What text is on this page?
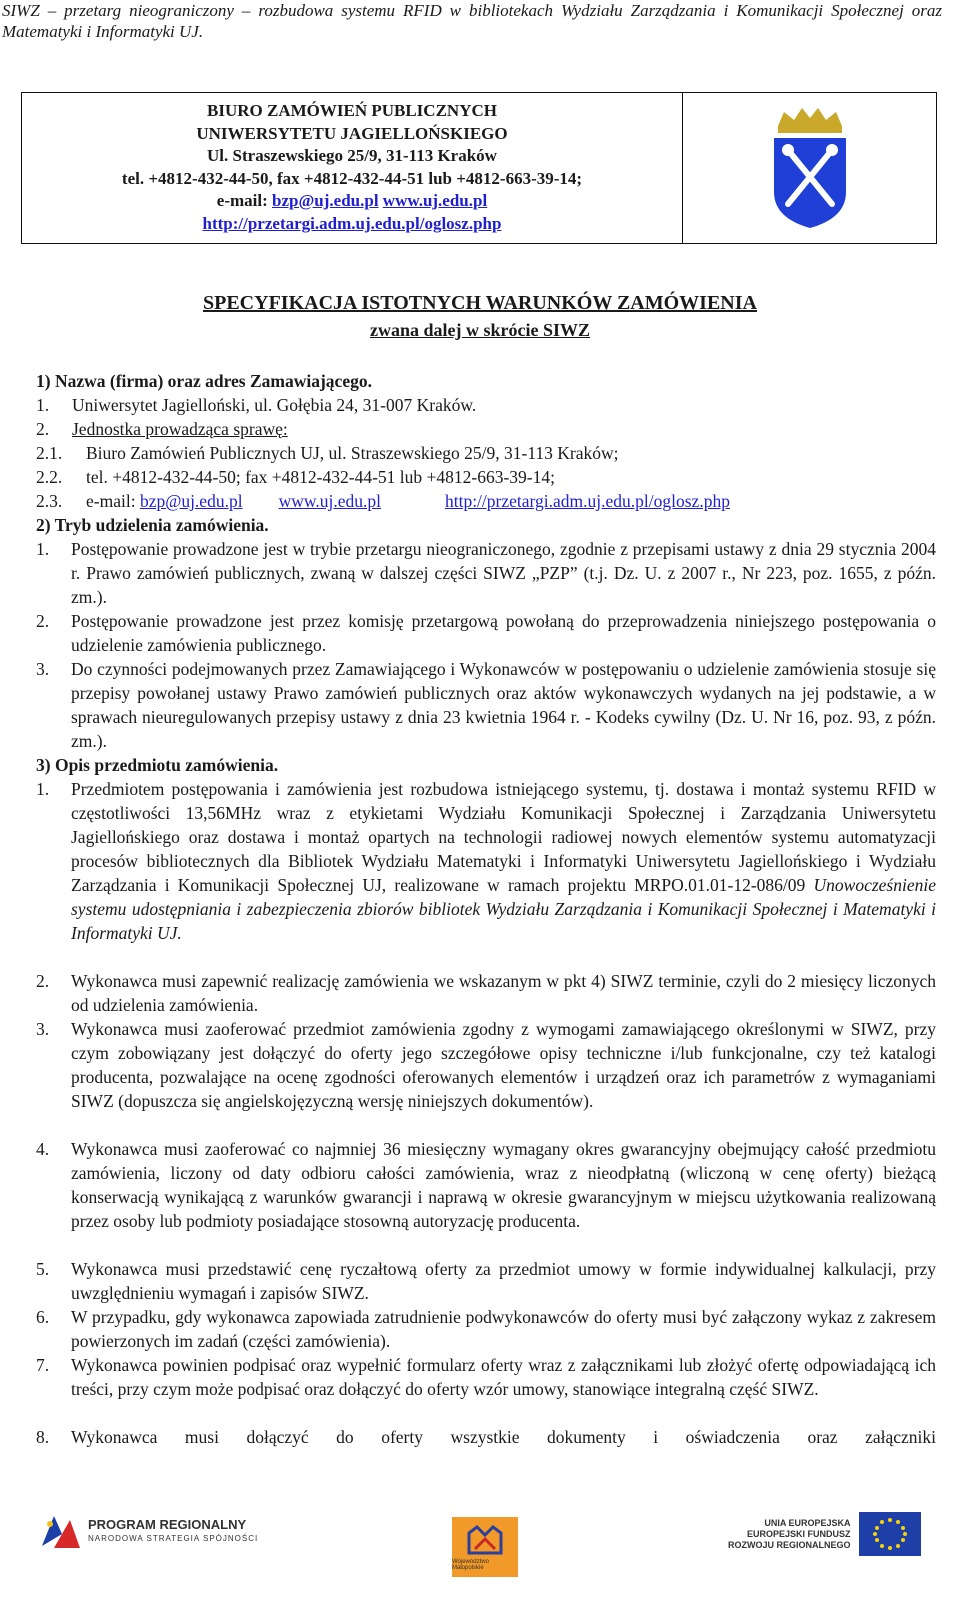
SIWZ – przetarg nieograniczony – rozbudowa systemu RFID w bibliotekach Wydziału Zarządzania i Komunikacji Społecznej oraz Matematyki i Informatyki UJ.
BIURO ZAMÓWIEŃ PUBLICZNYCH
UNIWERSYTETU JAGIELLOŃSKIEGO
Ul. Straszewskiego 25/9, 31-113 Kraków
tel. +4812-432-44-50, fax +4812-432-44-51 lub +4812-663-39-14;
e-mail: bzp@uj.edu.pl www.uj.edu.pl
http://przetargi.adm.uj.edu.pl/oglosz.php
SPECYFIKACJA ISTOTNYCH WARUNKÓW ZAMÓWIENIA
zwana dalej w skrócie SIWZ
1) Nazwa (firma) oraz adres Zamawiającego.
1. Uniwersytet Jagielloński, ul. Gołębia 24, 31-007 Kraków.
2. Jednostka prowadząca sprawę:
2.1. Biuro Zamówień Publicznych UJ, ul. Straszewskiego 25/9, 31-113 Kraków;
2.2. tel. +4812-432-44-50; fax +4812-432-44-51 lub +4812-663-39-14;
2.3. e-mail: bzp@uj.edu.pl www.uj.edu.pl	http://przetargi.adm.uj.edu.pl/oglosz.php
2) Tryb udzielenia zamówienia.
1. Postępowanie prowadzone jest w trybie przetargu nieograniczonego, zgodnie z przepisami ustawy z dnia 29 stycznia 2004 r. Prawo zamówień publicznych, zwaną w dalszej części SIWZ „PZP” (t.j. Dz. U. z 2007 r., Nr 223, poz. 1655, z późn. zm.).
2. Postępowanie prowadzone jest przez komisję przetargową powołaną do przeprowadzenia niniejszego postępowania o udzielenie zamówienia publicznego.
3. Do czynności podejmowanych przez Zamawiającego i Wykonawców w postępowaniu o udzielenie zamówienia stosuje się przepisy powołanej ustawy Prawo zamówień publicznych oraz aktów wykonawczych wydanych na jej podstawie, a w sprawach nieuregulowanych przepisy ustawy z dnia 23 kwietnia 1964 r. - Kodeks cywilny (Dz. U. Nr 16, poz. 93, z późn. zm.).
3) Opis przedmiotu zamówienia.
1. Przedmiotem postępowania i zamówienia jest rozbudowa istniejącego systemu, tj. dostawa i montaż systemu RFID w częstotliwości 13,56MHz wraz z etykietami Wydziału Komunikacji Społecznej i Zarządzania Uniwersytetu Jagiellońskiego oraz dostawa i montaż opartych na technologii radiowej nowych elementów systemu automatyzacji procesów bibliotecznych dla Bibliotek Wydziału Matematyki i Informatyki Uniwersytetu Jagiellońskiego i Wydziału Zarządzania i Komunikacji Społecznej UJ, realizowane w ramach projektu MRPO.01.01-12-086/09 Unowocześnienie systemu udostępniania i zabezpieczenia zbiorów bibliotek Wydziału Zarządzania i Komunikacji Społecznej i Matematyki i Informatyki UJ.
2. Wykonawca musi zapewnić realizację zamówienia we wskazanym w pkt 4) SIWZ terminie, czyli do 2 miesięcy liczonych od udzielenia zamówienia.
3. Wykonawca musi zaoferować przedmiot zamówienia zgodny z wymogami zamawiającego określonymi w SIWZ, przy czym zobowiązany jest dołączyć do oferty jego szczegółowe opisy techniczne i/lub funkcjonalne, czy też katalogi producenta, pozwalające na ocenę zgodności oferowanych elementów i urządzeń oraz ich parametrów z wymaganiami SIWZ (dopuszcza się angielskojęzyczną wersję niniejszych dokumentów).
4. Wykonawca musi zaoferować co najmniej 36 miesięczny wymagany okres gwarancyjny obejmujący całość przedmiotu zamówienia, liczony od daty odbioru całości zamówienia, wraz z nieodpłatną (wliczoną w cenę oferty) bieżącą konserwacją wynikającą z warunków gwarancji i naprawą w okresie gwarancyjnym w miejscu użytkowania realizowaną przez osoby lub podmioty posiadające stosowną autoryzację producenta.
5. Wykonawca musi przedstawić cenę ryczałtową oferty za przedmiot umowy w formie indywidualnej kalkulacji, przy uwzględnieniu wymagań i zapisów SIWZ.
6. W przypadku, gdy wykonawca zapowiada zatrudnienie podwykonawców do oferty musi być załączony wykaz z zakresem powierzonych im zadań (części zamówienia).
7. Wykonawca powinien podpisać oraz wypełnić formularz oferty wraz z załącznikami lub złożyć ofertę odpowiadającą ich treści, przy czym może podpisać oraz dołączyć do oferty wzór umowy, stanowiące integralną część SIWZ.
8. Wykonawca musi dołączyć do oferty wszystkie dokumenty i oświadczenia oraz załączniki
PROGRAM REGIONALNY
NARODOWA STRATEGIA SPÓJNOŚCI
Województwo Małopolskie
UNIA EUROPEJSKA
EUROPEJSKI FUNDUSZ
ROZWOJU REGIONALNEGO
